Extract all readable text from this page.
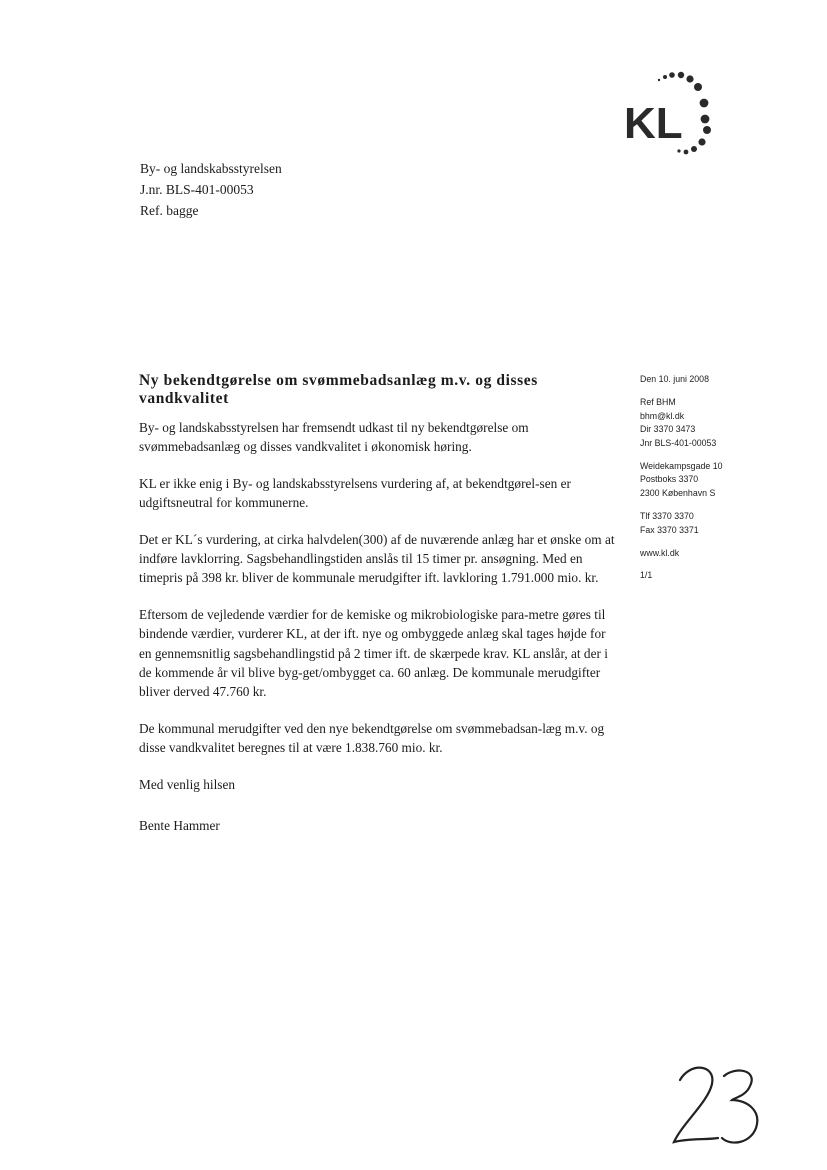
By- og landskabsstyrelsen
J.nr. BLS-401-00053
Ref. bagge
KL
Ny bekendtgørelse om svømmebadsanlæg m.v. og disses vandkvalitet

By- og landskabsstyrelsen har fremsendt udkast til ny bekendtgørelse om svømmebadsanlæg og disses vandkvalitet i økonomisk høring.

KL er ikke enig i By- og landskabsstyrelsens vurdering af, at bekendtgørel-sen er udgiftsneutral for kommunerne.

Det er KL´s vurdering, at cirka halvdelen(300) af de nuværende anlæg har et ønske om at indføre lavklorring. Sagsbehandlingstiden anslås til 15 timer pr. ansøgning. Med en timepris på 398 kr. bliver de kommunale merudgifter ift. lavkloring 1.791.000 mio. kr.

Eftersom de vejledende værdier for de kemiske og mikrobiologiske para-metre gøres til bindende værdier, vurderer KL, at der ift. nye og ombyggede anlæg skal tages højde for en gennemsnitlig sagsbehandlingstid på 2 timer ift. de skærpede krav. KL anslår, at der i de kommende år vil blive byg-get/ombygget ca. 60 anlæg. De kommunale merudgifter bliver derved 47.760 kr.

De kommunal merudgifter ved den nye bekendtgørelse om svømmebadsan-læg m.v. og disse vandkvalitet beregnes til at være 1.838.760 mio. kr.

Med venlig hilsen

Bente Hammer

Den 10. juni 2008
Ref BHM
bhm@kl.dk
Dir 3370 3473
Jnr BLS-401-00053
Weidekampsgade 10
Postboks 3370
2300 København S
Tlf 3370 3370
Fax 3370 3371
www.kl.dk
1/1
